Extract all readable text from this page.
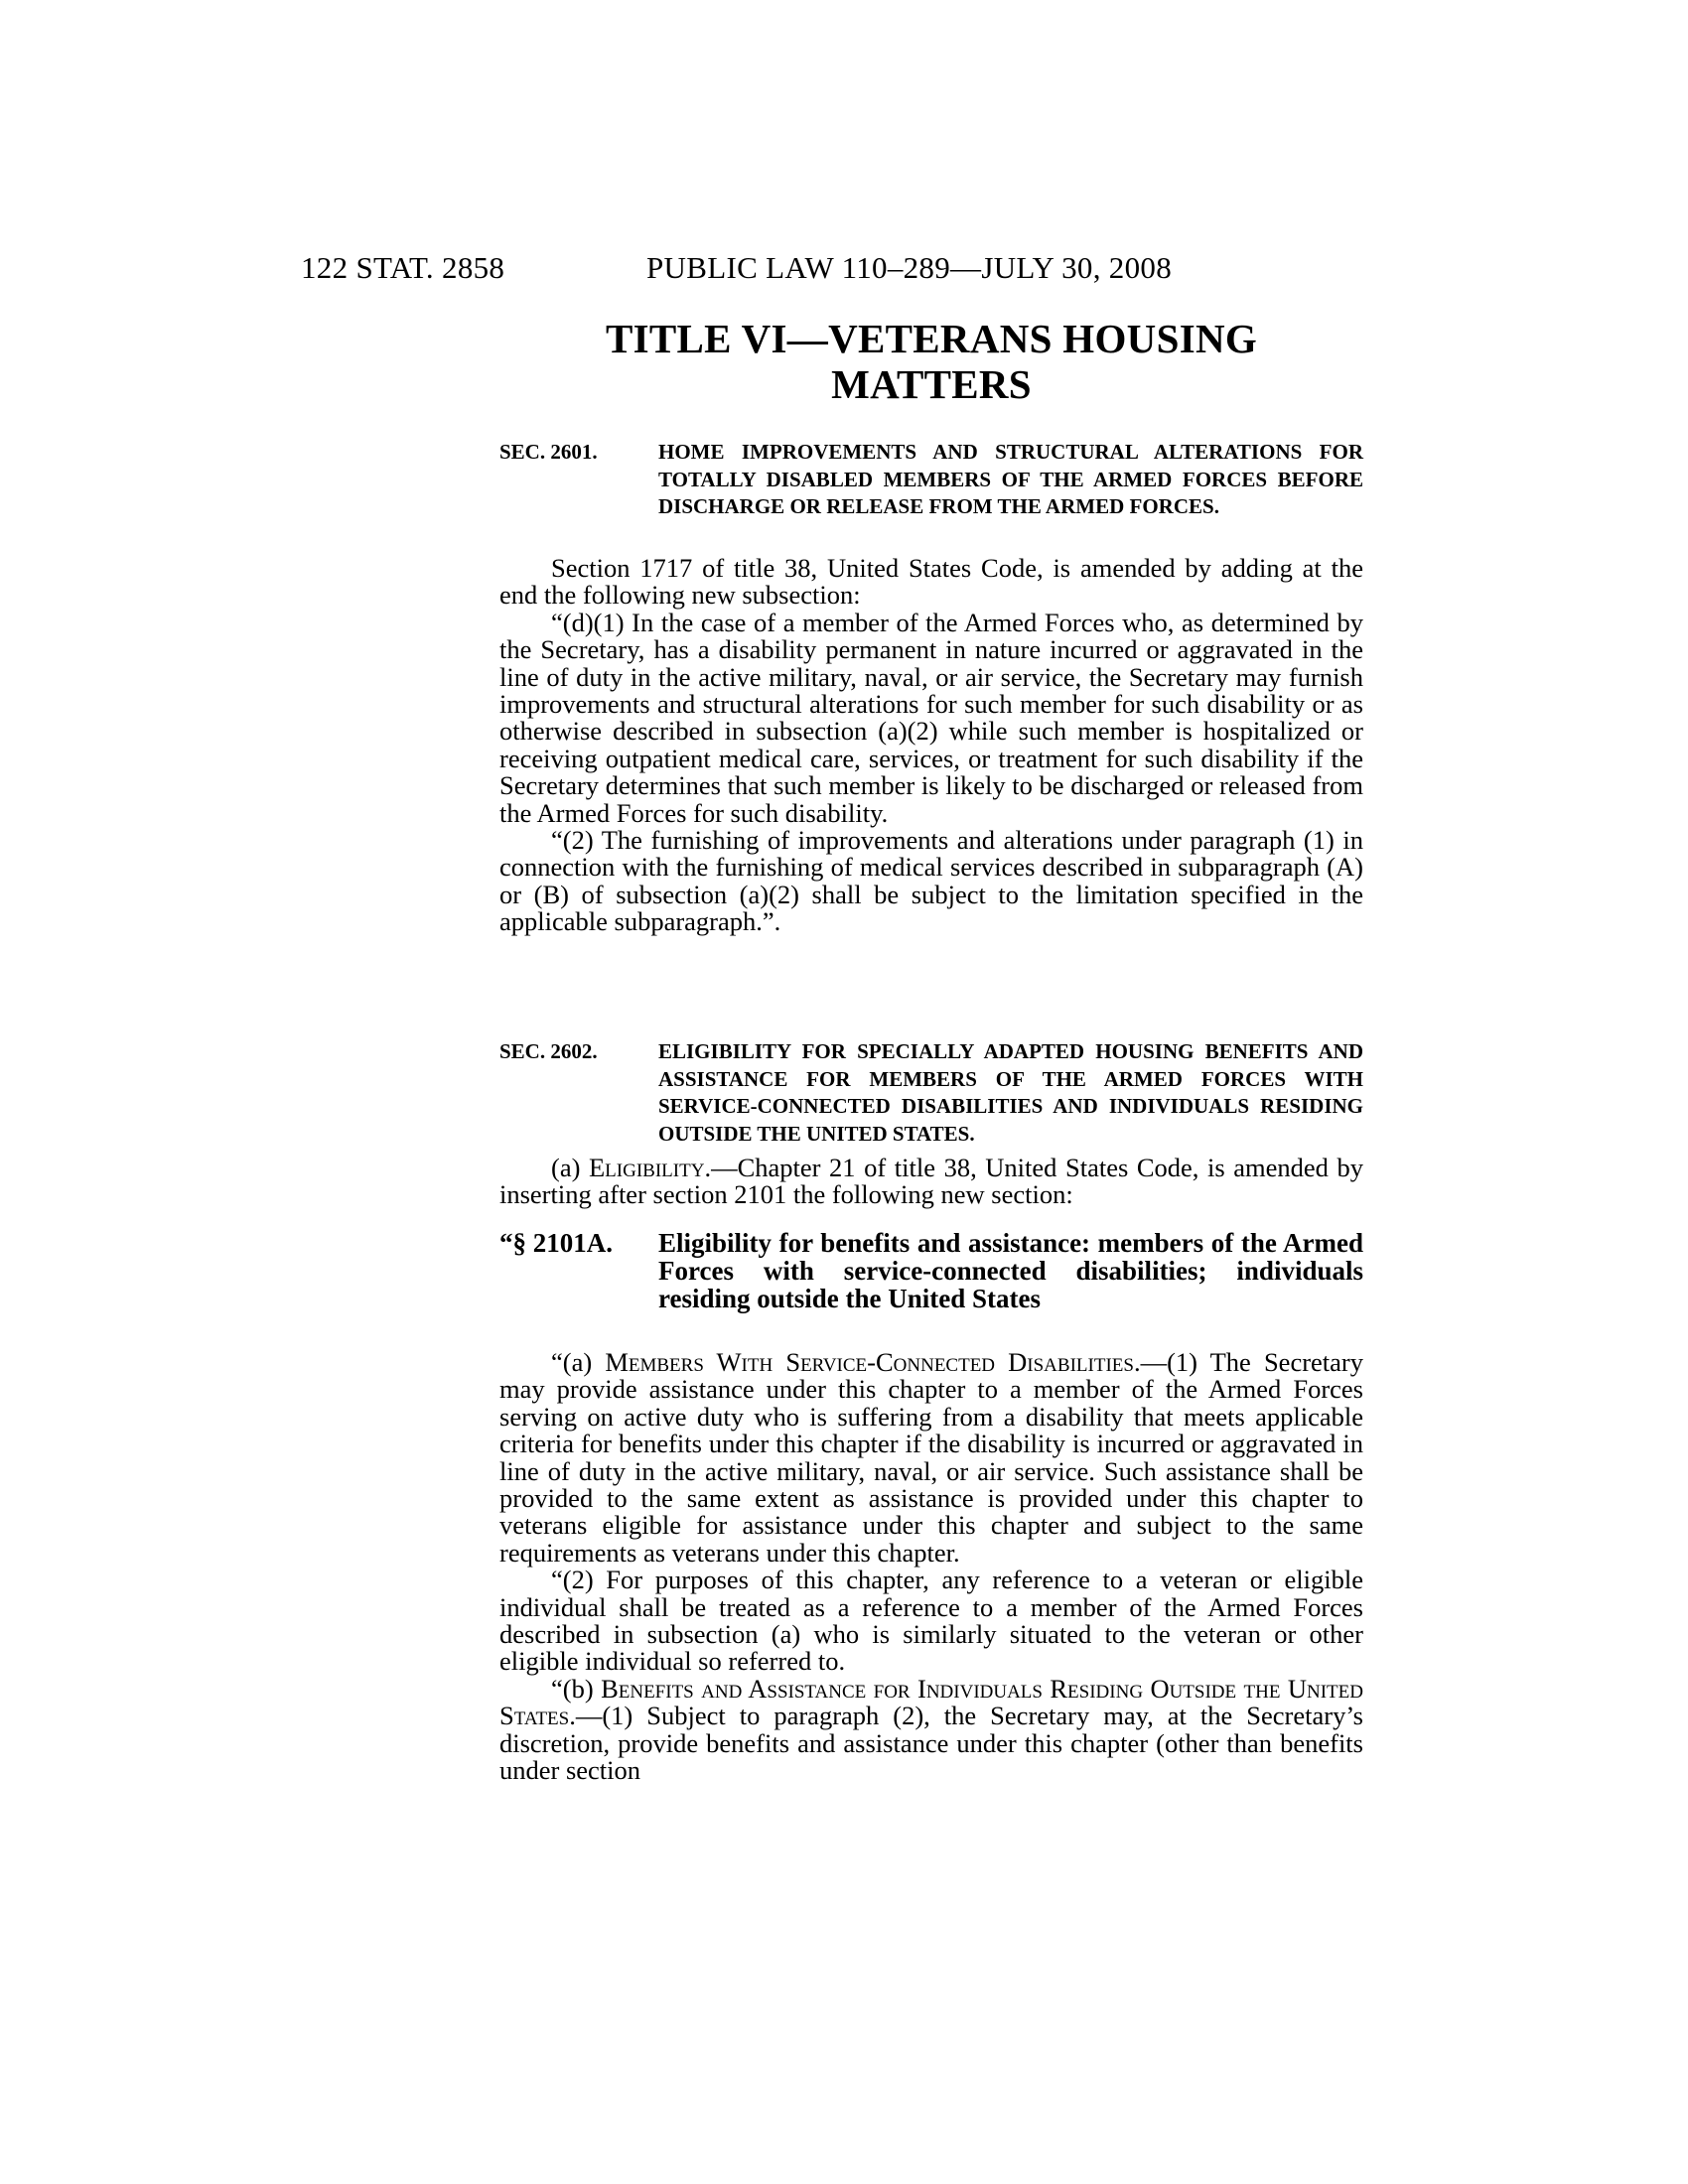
122 STAT. 2858	PUBLIC LAW 110–289—JULY 30, 2008
TITLE VI—VETERANS HOUSING
MATTERS
SEC. 2601.	HOME IMPROVEMENTS AND STRUCTURAL ALTERATIONS FOR TOTALLY DISABLED MEMBERS OF THE ARMED FORCES BEFORE DISCHARGE OR RELEASE FROM THE ARMED FORCES.

Section 1717 of title 38, United States Code, is amended by adding at the end the following new subsection:

“(d)(1) In the case of a member of the Armed Forces who, as determined by the Secretary, has a disability permanent in nature incurred or aggravated in the line of duty in the active military, naval, or air service, the Secretary may furnish improvements and structural alterations for such member for such disability or as otherwise described in subsection (a)(2) while such member is hospitalized or receiving outpatient medical care, services, or treatment for such disability if the Secretary determines that such member is likely to be discharged or released from the Armed Forces for such disability.

“(2) The furnishing of improvements and alterations under paragraph (1) in connection with the furnishing of medical services described in subparagraph (A) or (B) of subsection (a)(2) shall be subject to the limitation specified in the applicable subparagraph.”.

SEC. 2602.	ELIGIBILITY FOR SPECIALLY ADAPTED HOUSING BENEFITS AND ASSISTANCE FOR MEMBERS OF THE ARMED FORCES WITH SERVICE-CONNECTED DISABILITIES AND INDIVIDUALS RESIDING OUTSIDE THE UNITED STATES.

(a) Eligibility.—Chapter 21 of title 38, United States Code, is amended by inserting after section 2101 the following new section:

“§ 2101A. Eligibility for benefits and assistance: members of the Armed Forces with service-connected disabilities; individuals residing outside the United States

“(a) Members With Service-Connected Disabilities.—(1) The Secretary may provide assistance under this chapter to a member of the Armed Forces serving on active duty who is suffering from a disability that meets applicable criteria for benefits under this chapter if the disability is incurred or aggravated in line of duty in the active military, naval, or air service. Such assistance shall be provided to the same extent as assistance is provided under this chapter to veterans eligible for assistance under this chapter and subject to the same requirements as veterans under this chapter.

“(2) For purposes of this chapter, any reference to a veteran or eligible individual shall be treated as a reference to a member of the Armed Forces described in subsection (a) who is similarly situated to the veteran or other eligible individual so referred to.

“(b) Benefits and Assistance for Individuals Residing Outside the United States.—(1) Subject to paragraph (2), the Secretary may, at the Secretary’s discretion, provide benefits and assistance under this chapter (other than benefits under section
